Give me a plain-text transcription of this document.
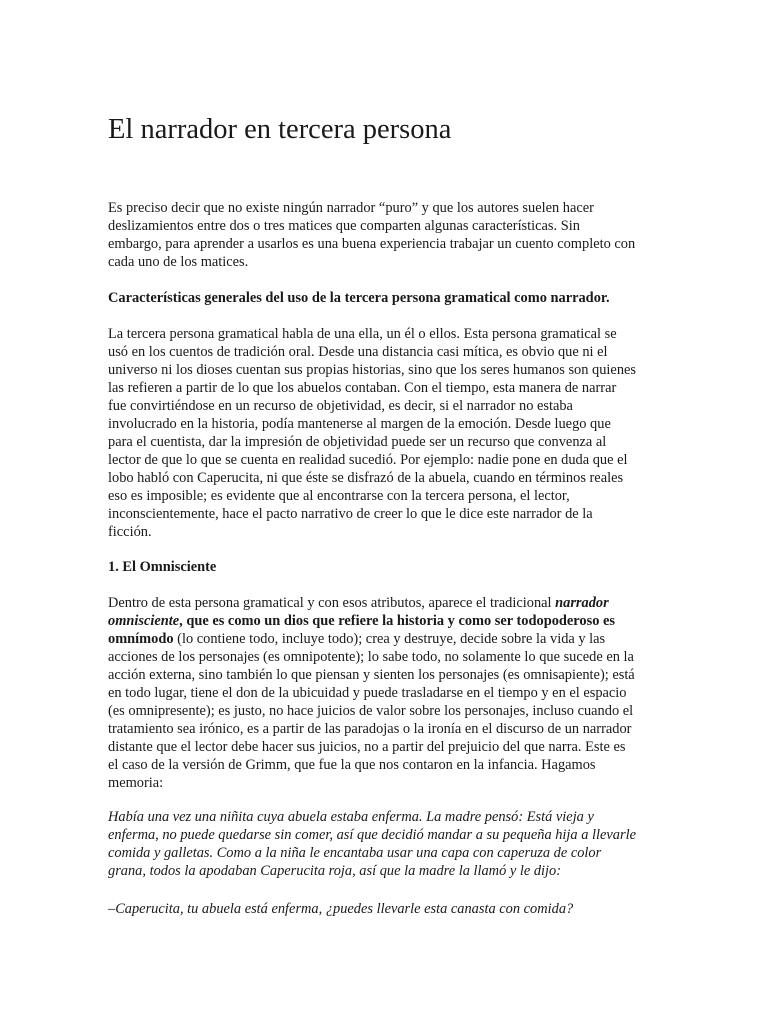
El narrador en tercera persona

Es preciso decir que no existe ningún narrador “puro” y que los autores suelen hacer
deslizamientos entre dos o tres matices que comparten algunas características. Sin
embargo, para aprender a usarlos es una buena experiencia trabajar un cuento completo con
cada uno de los matices.

Características generales del uso de la tercera persona gramatical como narrador.

La tercera persona gramatical habla de una ella, un él o ellos. Esta persona gramatical se
usó en los cuentos de tradición oral. Desde una distancia casi mítica, es obvio que ni el
universo ni los dioses cuentan sus propias historias, sino que los seres humanos son quienes
las refieren a partir de lo que los abuelos contaban. Con el tiempo, esta manera de narrar
fue convirtiéndose en un recurso de objetividad, es decir, si el narrador no estaba
involucrado en la historia, podía mantenerse al margen de la emoción. Desde luego que
para el cuentista, dar la impresión de objetividad puede ser un recurso que convenza al
lector de que lo que se cuenta en realidad sucedió. Por ejemplo: nadie pone en duda que el
lobo habló con Caperucita, ni que éste se disfrazó de la abuela, cuando en términos reales
eso es imposible; es evidente que al encontrarse con la tercera persona, el lector,
inconscientemente, hace el pacto narrativo de creer lo que le dice este narrador de la
ficción.

1. El Omnisciente

Dentro de esta persona gramatical y con esos atributos, aparece el tradicional narrador
omnisciente, que es como un dios que refiere la historia y como ser todopoderoso es
omnímodo (lo contiene todo, incluye todo); crea y destruye, decide sobre la vida y las
acciones de los personajes (es omnipotente); lo sabe todo, no solamente lo que sucede en la
acción externa, sino también lo que piensan y sienten los personajes (es omnisapiente); está
en todo lugar, tiene el don de la ubicuidad y puede trasladarse en el tiempo y en el espacio
(es omnipresente); es justo, no hace juicios de valor sobre los personajes, incluso cuando el
tratamiento sea irónico, es a partir de las paradojas o la ironía en el discurso de un narrador
distante que el lector debe hacer sus juicios, no a partir del prejuicio del que narra. Este es
el caso de la versión de Grimm, que fue la que nos contaron en la infancia. Hagamos
memoria:

Había una vez una niñita cuya abuela estaba enferma. La madre pensó: Está vieja y
enferma, no puede quedarse sin comer, así que decidió mandar a su pequeña hija a llevarle
comida y galletas. Como a la niña le encantaba usar una capa con caperuza de color
grana, todos la apodaban Caperucita roja, así que la madre la llamó y le dijo:

–Caperucita, tu abuela está enferma, ¿puedes llevarle esta canasta con comida?
